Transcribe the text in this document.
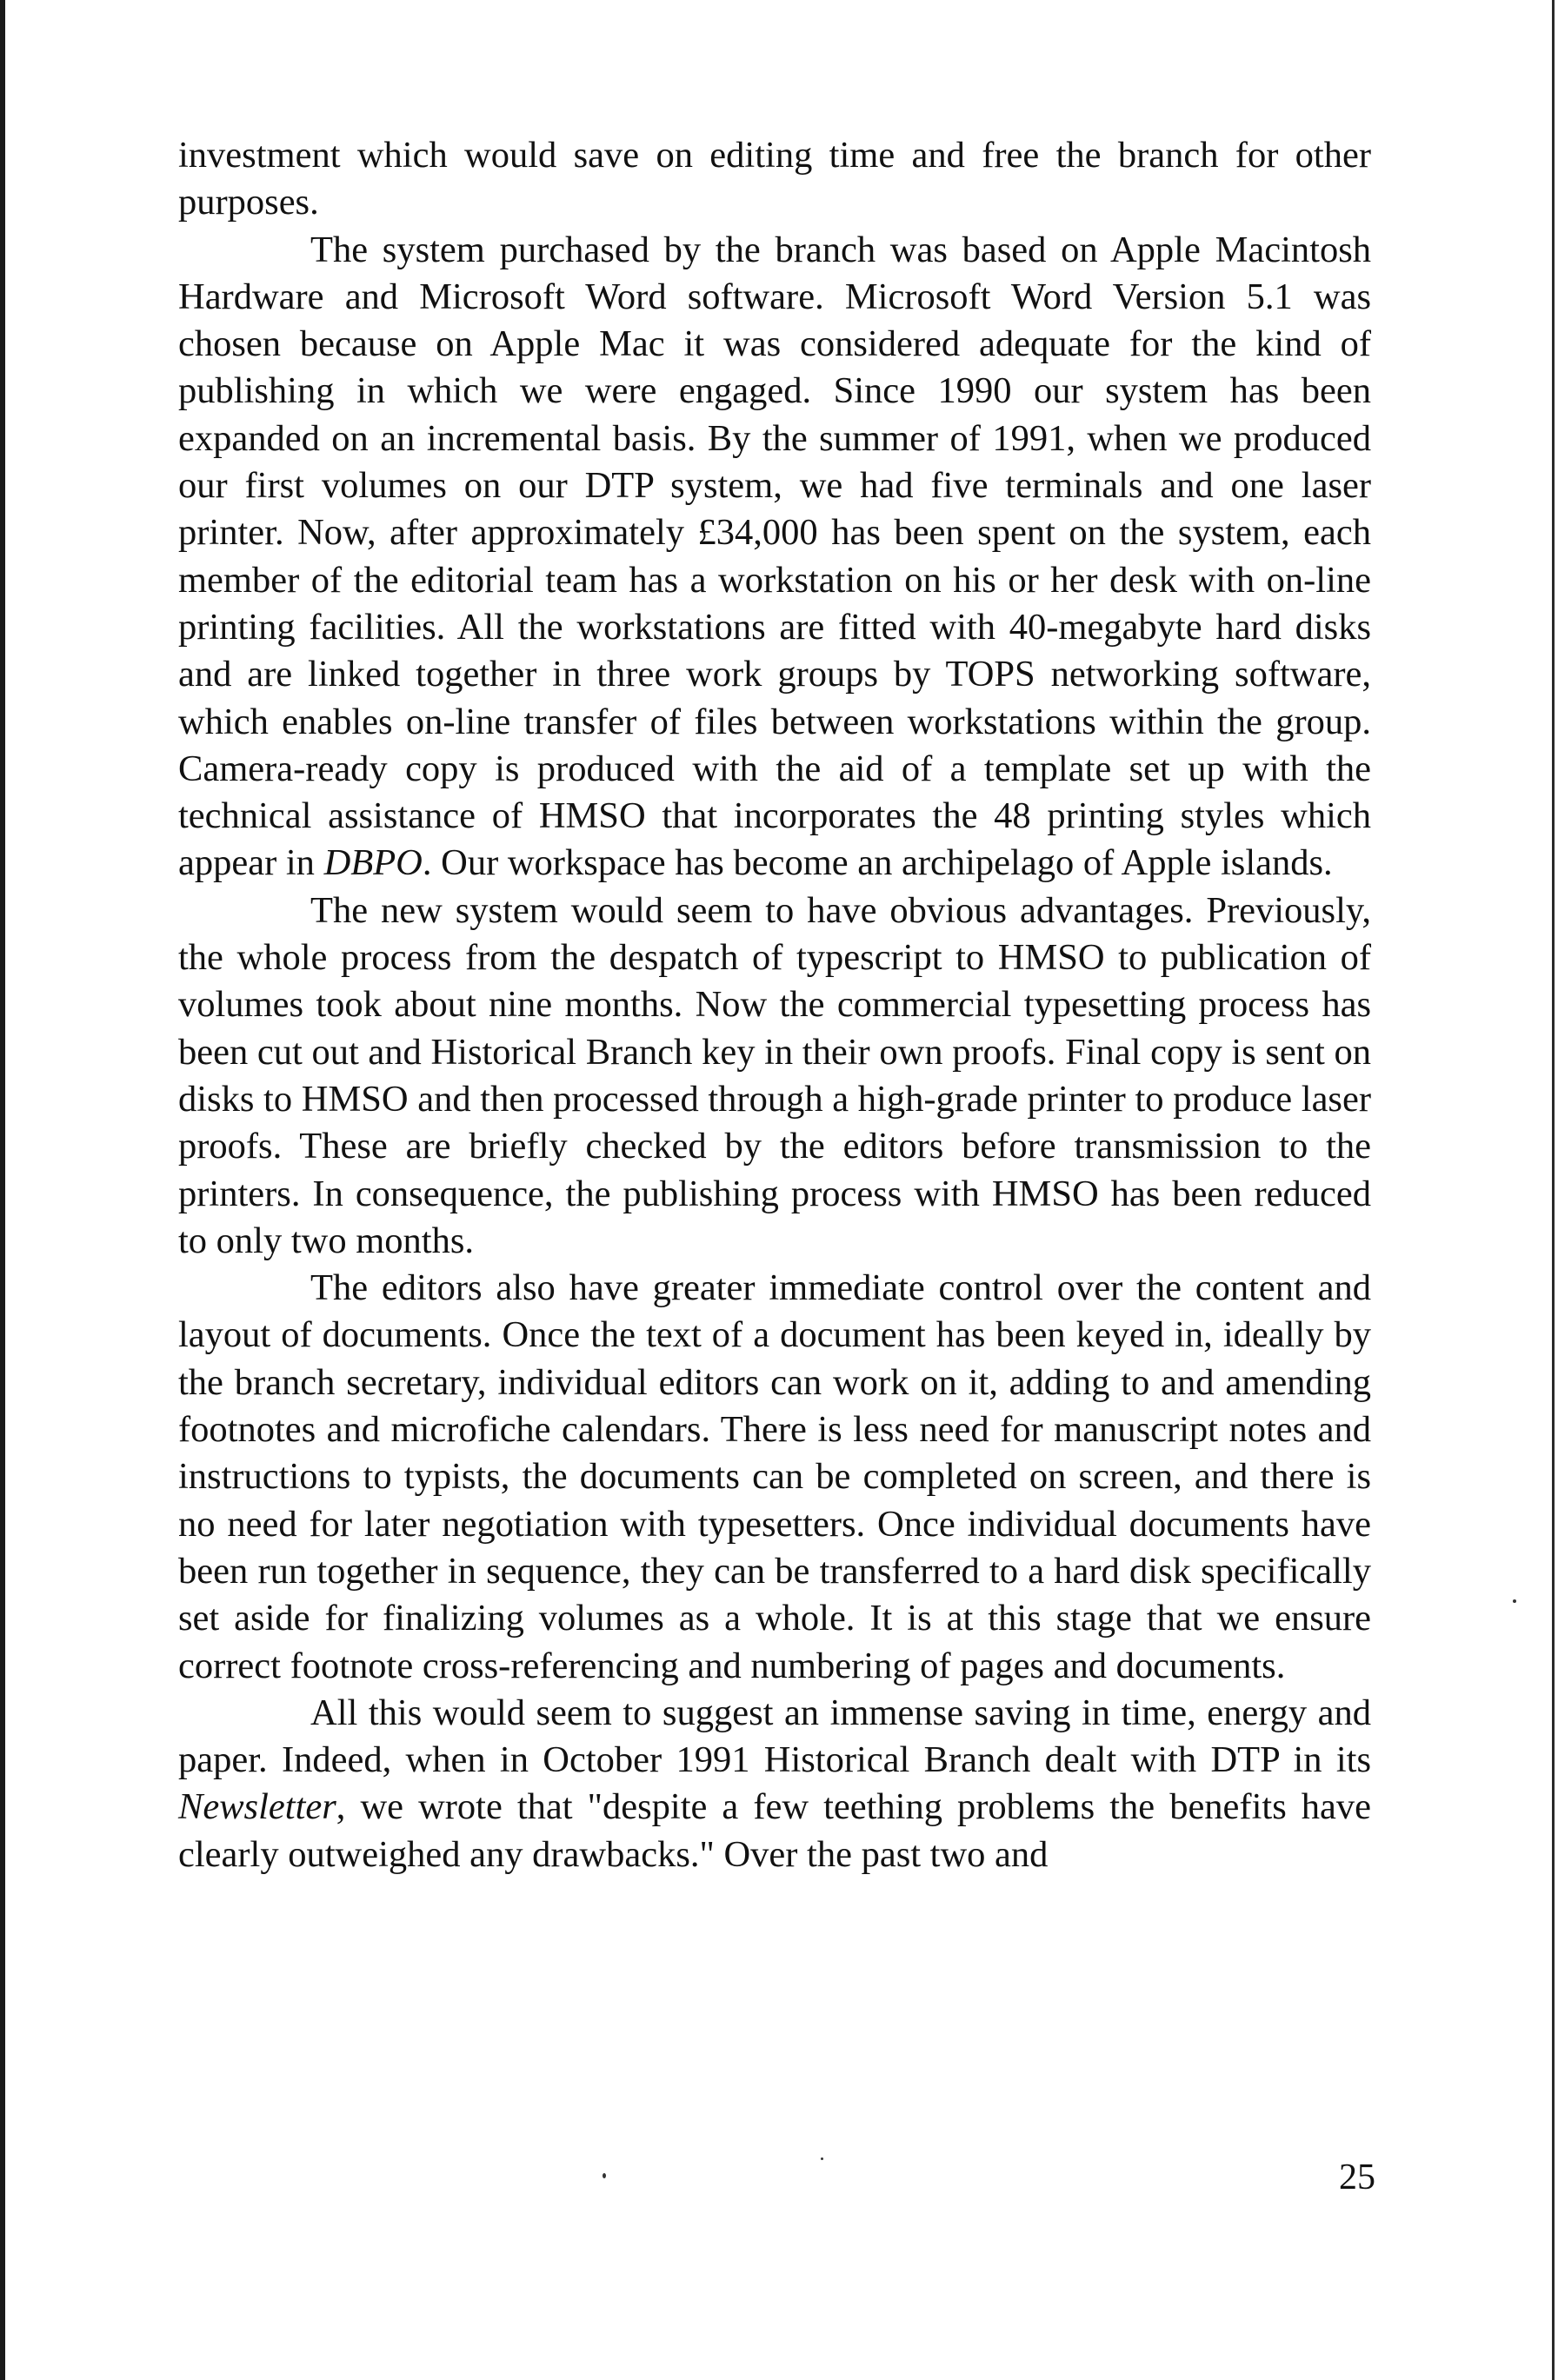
investment which would save on editing time and free the branch for other purposes.

The system purchased by the branch was based on Apple Macintosh Hardware and Microsoft Word software. Microsoft Word Version 5.1 was chosen because on Apple Mac it was considered adequate for the kind of publishing in which we were engaged. Since 1990 our system has been expanded on an incremental basis. By the summer of 1991, when we produced our first volumes on our DTP system, we had five terminals and one laser printer. Now, after approximately £34,000 has been spent on the system, each member of the editorial team has a workstation on his or her desk with on-line printing facilities. All the workstations are fitted with 40-megabyte hard disks and are linked together in three work groups by TOPS networking software, which enables on-line transfer of files between workstations within the group. Camera-ready copy is produced with the aid of a template set up with the technical assistance of HMSO that incorporates the 48 printing styles which appear in DBPO. Our workspace has become an archipelago of Apple islands.

The new system would seem to have obvious advantages. Previously, the whole process from the despatch of typescript to HMSO to publication of volumes took about nine months. Now the commercial typesetting process has been cut out and Historical Branch key in their own proofs. Final copy is sent on disks to HMSO and then processed through a high-grade printer to produce laser proofs. These are briefly checked by the editors before transmission to the printers. In consequence, the publishing process with HMSO has been reduced to only two months.

The editors also have greater immediate control over the content and layout of documents. Once the text of a document has been keyed in, ideally by the branch secretary, individual editors can work on it, adding to and amending footnotes and microfiche calendars. There is less need for manuscript notes and instructions to typists, the documents can be completed on screen, and there is no need for later negotiation with typesetters. Once individual documents have been run together in sequence, they can be transferred to a hard disk specifically set aside for finalizing volumes as a whole. It is at this stage that we ensure correct footnote cross-referencing and numbering of pages and documents.

All this would seem to suggest an immense saving in time, energy and paper. Indeed, when in October 1991 Historical Branch dealt with DTP in its Newsletter, we wrote that "despite a few teething problems the benefits have clearly outweighed any drawbacks." Over the past two and

25
